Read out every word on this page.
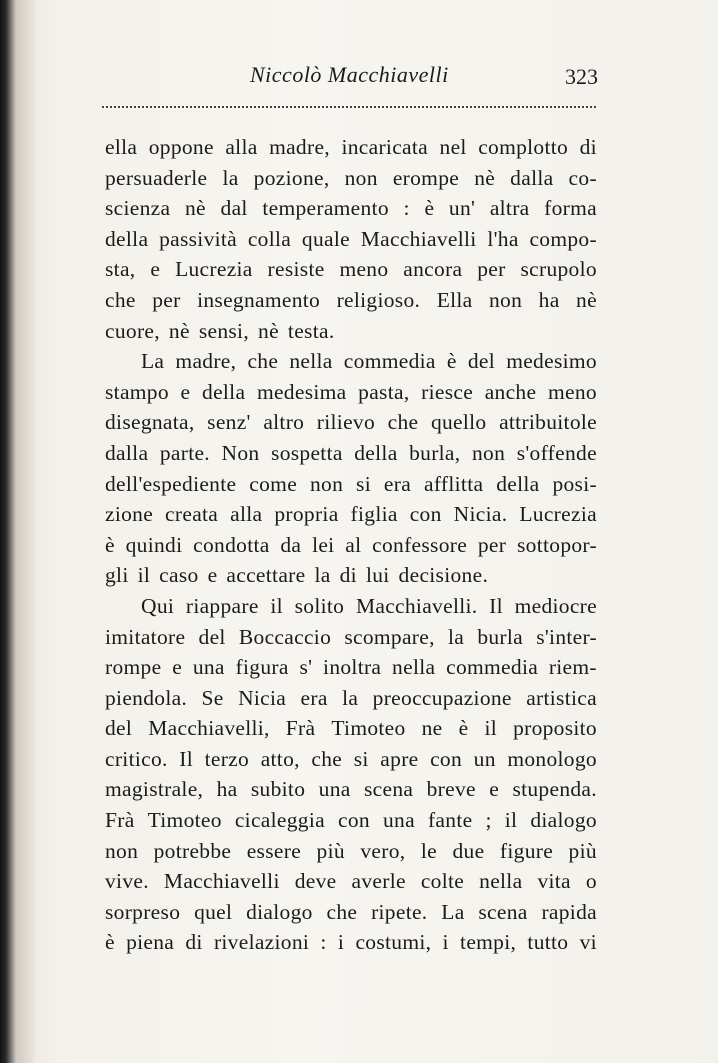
Niccolò Macchiavelli	323
ella oppone alla madre, incaricata nel complotto di
persuaderle la pozione, non erompe nè dalla co-
scienza nè dal temperamento : è un' altra forma
della passività colla quale Macchiavelli l'ha compo-
sta, e Lucrezia resiste meno ancora per scrupolo
che per insegnamento religioso. Ella non ha nè
cuore, nè sensi, nè testa.
La madre, che nella commedia è del medesimo
stampo e della medesima pasta, riesce anche meno
disegnata, senz' altro rilievo che quello attribuitole
dalla parte. Non sospetta della burla, non s'offende
dell'espediente come non si era afflitta della posi-
zione creata alla propria figlia con Nicia. Lucrezia
è quindi condotta da lei al confessore per sottopor-
gli il caso e accettare la di lui decisione.
Qui riappare il solito Macchiavelli. Il mediocre
imitatore del Boccaccio scompare, la burla s'inter-
rompe e una figura s' inoltra nella commedia riem-
piendola. Se Nicia era la preoccupazione artistica
del Macchiavelli, Frà Timoteo ne è il proposito
critico. Il terzo atto, che si apre con un monologo
magistrale, ha subito una scena breve e stupenda.
Frà Timoteo cicaleggia con una fante ; il dialogo
non potrebbe essere più vero, le due figure più
vive. Macchiavelli deve averle colte nella vita o
sorpreso quel dialogo che ripete. La scena rapida
è piena di rivelazioni : i costumi, i tempi, tutto vi
